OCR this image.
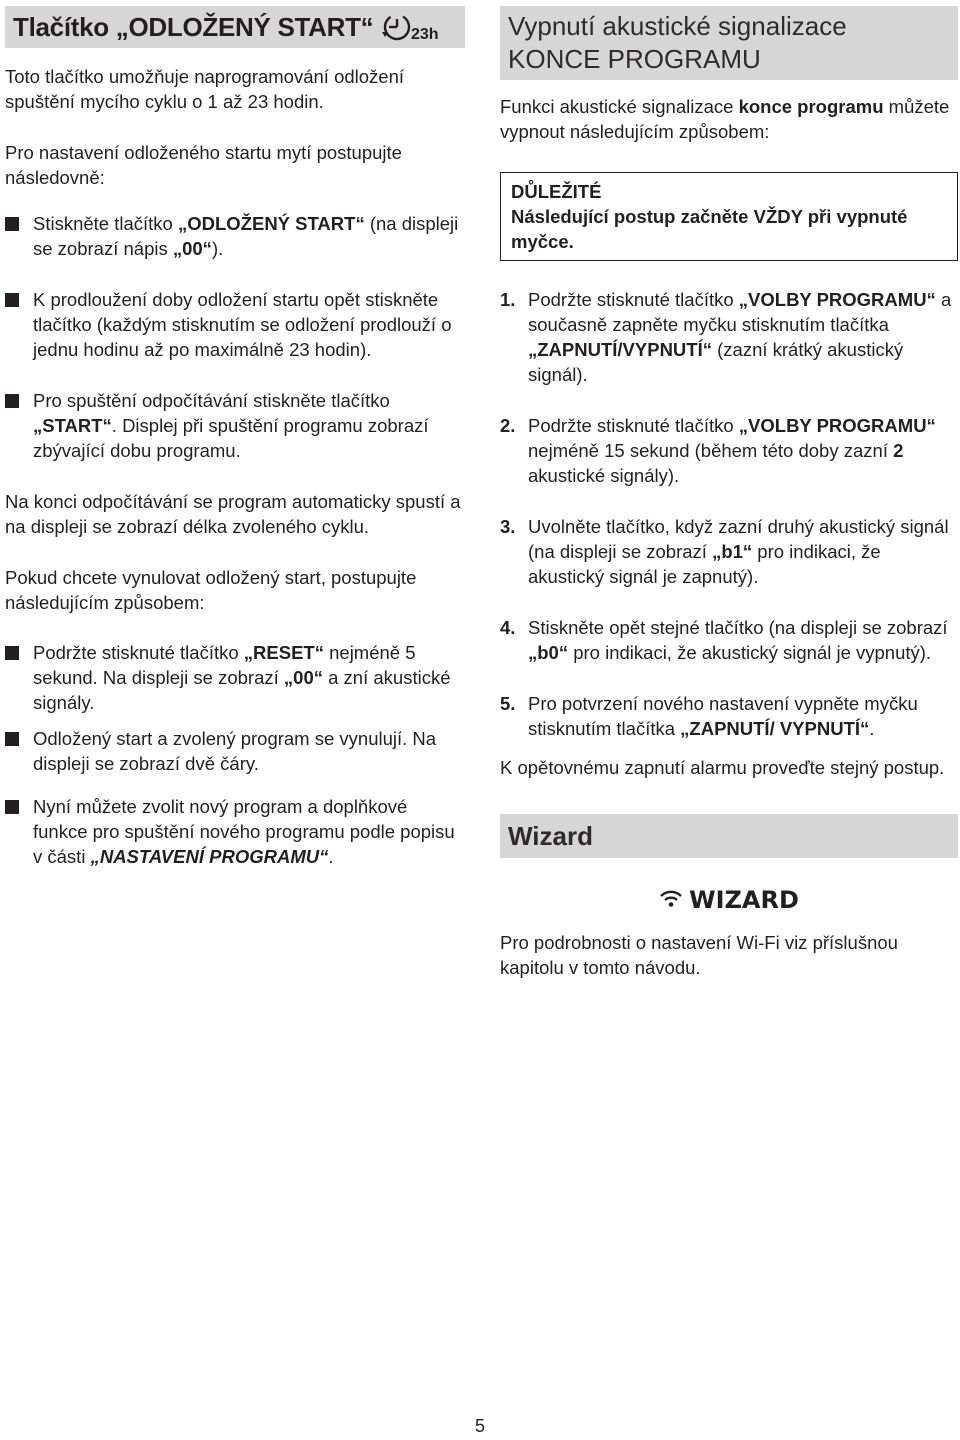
Tlačítko „ODLOŽENÝ START“ 23h

Toto tlačítko umožňuje naprogramování odložení spuštění mycího cyklu o 1 až 23 hodin.

Pro nastavení odloženého startu mytí postupujte následovně:

Stiskněte tlačítko „ODLOŽENÝ START“ (na displeji se zobrazí nápis „00“).
K prodloužení doby odložení startu opět stiskněte tlačítko (každým stisknutím se odložení prodlouží o jednu hodinu až po maximálně 23 hodin).
Pro spuštění odpočítávání stiskněte tlačítko „START“. Displej při spuštění programu zobrazí zbývající dobu programu.

Na konci odpočítávání se program automaticky spustí a na displeji se zobrazí délka zvoleného cyklu.

Pokud chcete vynulovat odložený start, postupujte následujícím způsobem:

Podržte stisknuté tlačítko „RESET“ nejméně 5 sekund. Na displeji se zobrazí „00“ a zní akustické signály.
Odložený start a zvolený program se vynulují. Na displeji se zobrazí dvě čáry.
Nyní můžete zvolit nový program a doplňkové funkce pro spuštění nového programu podle popisu v části „NASTAVENÍ PROGRAMU“.
Vypnutí akustické signalizace
KONCE PROGRAMU

Funkci akustické signalizace konce programu můžete vypnout následujícím způsobem:

DŮLEŽITÉ
Následující postup začněte VŽDY při vypnuté myčce.
1. Podržte stisknuté tlačítko „VOLBY PROGRAMU“ a současně zapněte myčku stisknutím tlačítka „ZAPNUTÍ/VYPNUTÍ“ (zazní krátký akustický signál).
2. Podržte stisknuté tlačítko „VOLBY PROGRAMU“ nejméně 15 sekund (během této doby zazní 2 akustické signály).
3. Uvolněte tlačítko, když zazní druhý akustický signál (na displeji se zobrazí „b1“ pro indikaci, že akustický signál je zapnutý).
4. Stiskněte opět stejné tlačítko (na displeji se zobrazí „b0“ pro indikaci, že akustický signál je vypnutý).
5. Pro potvrzení nového nastavení vypněte myčku stisknutím tlačítka „ZAPNUTÍ/ VYPNUTÍ“.

K opětovnému zapnutí alarmu proveďte stejný postup.

Wizard
WIZARD

Pro podrobnosti o nastavení Wi-Fi viz příslušnou kapitolu v tomto návodu.

5
